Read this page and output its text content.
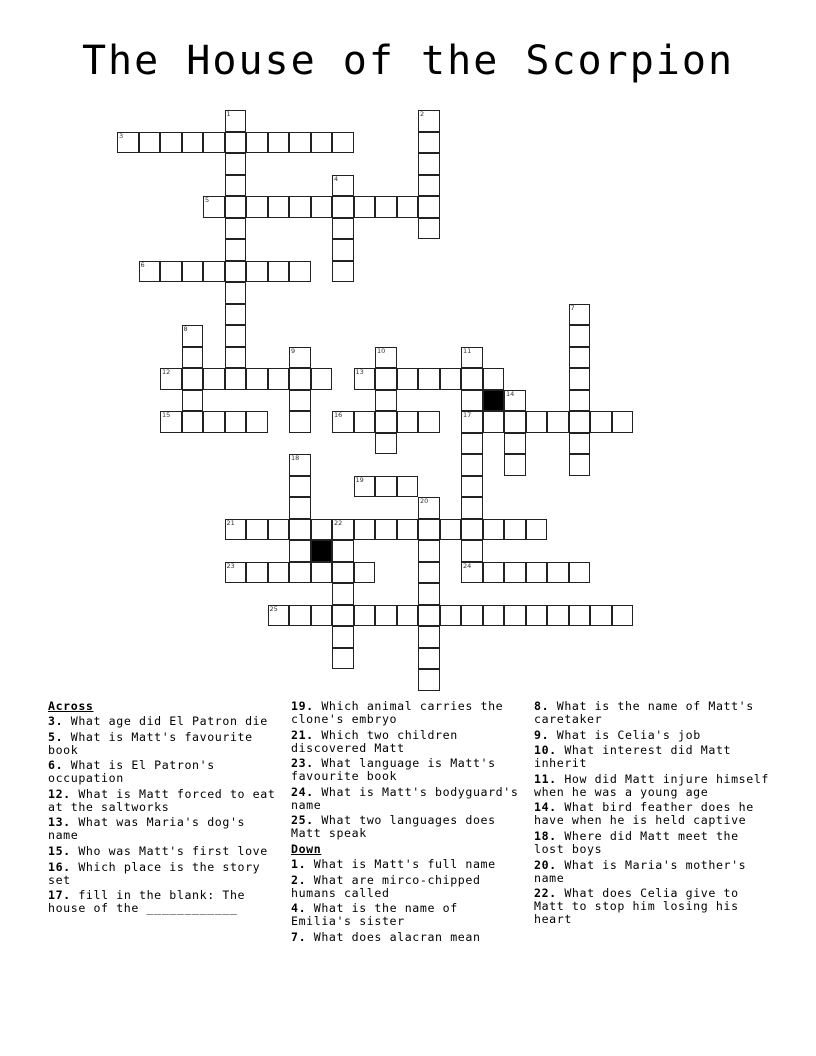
The House of the Scorpion
3
5
6
12	13
15	16	17
19
21	22
23	24
25
1	2
4
7
8
9	10	11
14
18
20
Across
3. What age did El Patron die
5. What is Matt's favourite book
6. What is El Patron's occupation
12. What is Matt forced to eat at the saltworks
13. What was Maria's dog's name
15. Who was Matt's first love
16. Which place is the story set
17. fill in the blank: The house of the ____________
19. Which animal carries the clone's embryo
21. Which two children discovered Matt
23. What language is Matt's favourite book
24. What is Matt's bodyguard's name
25. What two languages does Matt speak
Down
1. What is Matt's full name
2. What are mirco-chipped humans called
4. What is the name of Emilia's sister
7. What does alacran mean
8. What is the name of Matt's caretaker
9. What is Celia's job
10. What interest did Matt inherit
11. How did Matt injure himself when he was a young age
14. What bird feather does he have when he is held captive
18. Where did Matt meet the lost boys
20. What is Maria's mother's name
22. What does Celia give to Matt to stop him losing his heart
